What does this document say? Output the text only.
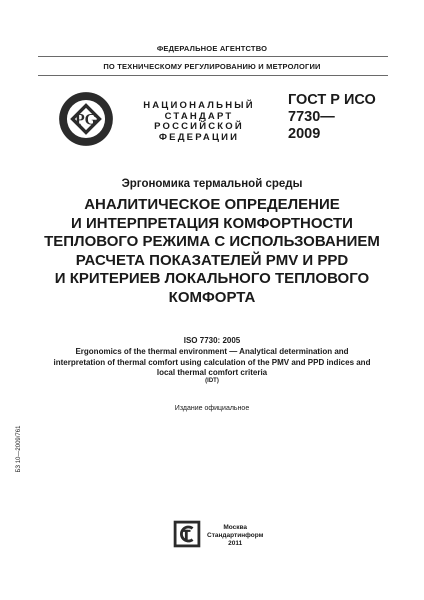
ФЕДЕРАЛЬНОЕ АГЕНТСТВО
ПО ТЕХНИЧЕСКОМУ РЕГУЛИРОВАНИЮ И МЕТРОЛОГИИ
PG
НАЦИОНАЛЬНЫЙ
СТАНДАРТ
РОССИЙСКОЙ
ФЕДЕРАЦИИ
ГОСТ Р ИСО
7730—
2009
Эргономика термальной среды
АНАЛИТИЧЕСКОЕ ОПРЕДЕЛЕНИЕ
И ИНТЕРПРЕТАЦИЯ КОМФОРТНОСТИ
ТЕПЛОВОГО РЕЖИМА С ИСПОЛЬЗОВАНИЕМ
РАСЧЕТА ПОКАЗАТЕЛЕЙ PMV И PPD
И КРИТЕРИЕВ ЛОКАЛЬНОГО ТЕПЛОВОГО
КОМФОРТА
ISO 7730: 2005
Ergonomics of the thermal environment — Analytical determination and
interpretation of thermal comfort using calculation of the PMV and PPD indices and
local thermal comfort criteria
(IDT)
Издание официальное
БЗ 10—2009/761
Москва
Стандартинформ
2011
